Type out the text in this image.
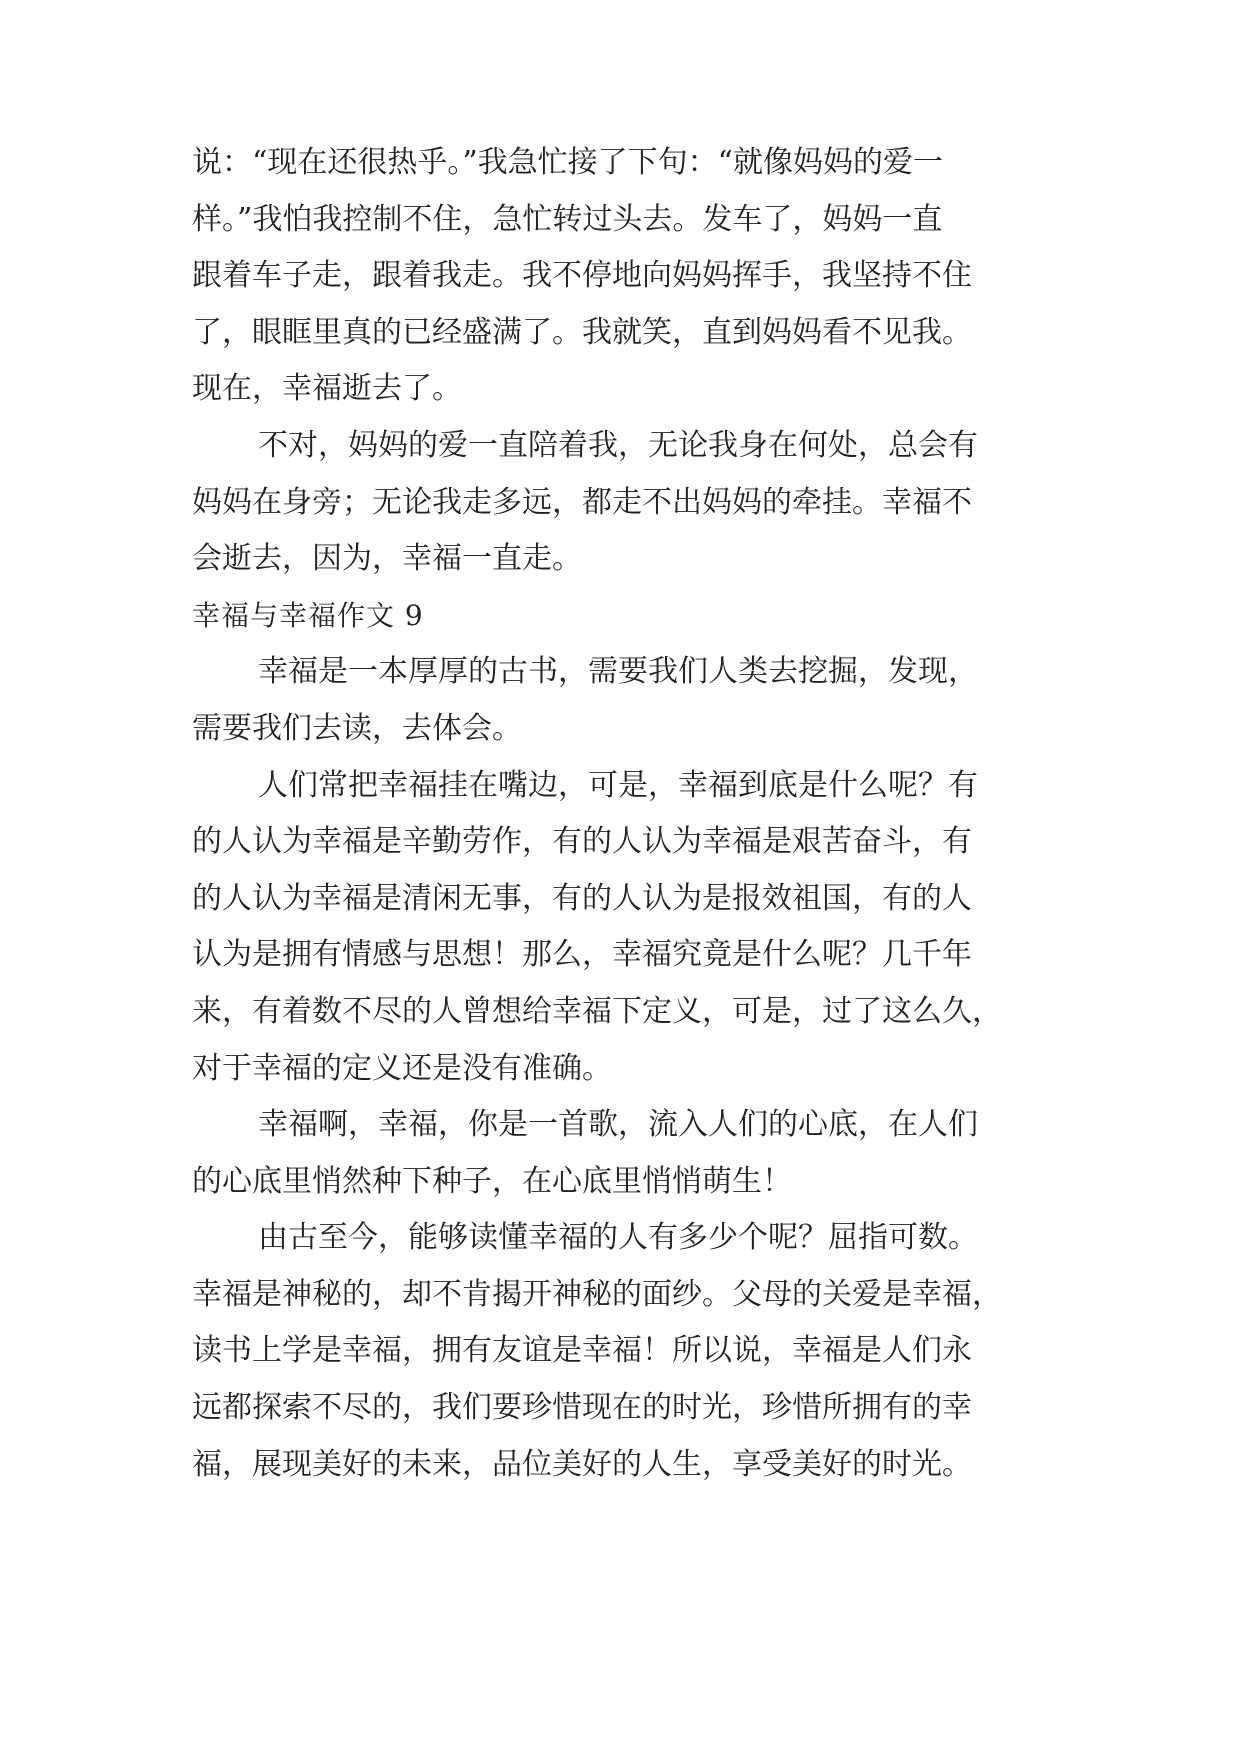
说：“现在还很热乎。”我急忙接了下句：“就像妈妈的爱一
样。”我怕我控制不住，急忙转过头去。发车了，妈妈一直
跟着车子走，跟着我走。我不停地向妈妈挥手，我坚持不住
了，眼眶里真的已经盛满了。我就笑，直到妈妈看不见我。
现在，幸福逝去了。
不对，妈妈的爱一直陪着我，无论我身在何处，总会有
妈妈在身旁；无论我走多远，都走不出妈妈的牵挂。幸福不
会逝去，因为，幸福一直走。
幸福与幸福作文 9
幸福是一本厚厚的古书，需要我们人类去挖掘，发现，
需要我们去读，去体会。
人们常把幸福挂在嘴边，可是，幸福到底是什么呢？有
的人认为幸福是辛勤劳作，有的人认为幸福是艰苦奋斗，有
的人认为幸福是清闲无事，有的人认为是报效祖国，有的人
认为是拥有情感与思想！那么，幸福究竟是什么呢？几千年
来，有着数不尽的人曾想给幸福下定义，可是，过了这么久，
对于幸福的定义还是没有准确。
幸福啊，幸福，你是一首歌，流入人们的心底，在人们
的心底里悄然种下种子，在心底里悄悄萌生！
由古至今，能够读懂幸福的人有多少个呢？屈指可数。
幸福是神秘的，却不肯揭开神秘的面纱。父母的关爱是幸福，
读书上学是幸福，拥有友谊是幸福！所以说，幸福是人们永
远都探索不尽的，我们要珍惜现在的时光，珍惜所拥有的幸
福，展现美好的未来，品位美好的人生，享受美好的时光。
